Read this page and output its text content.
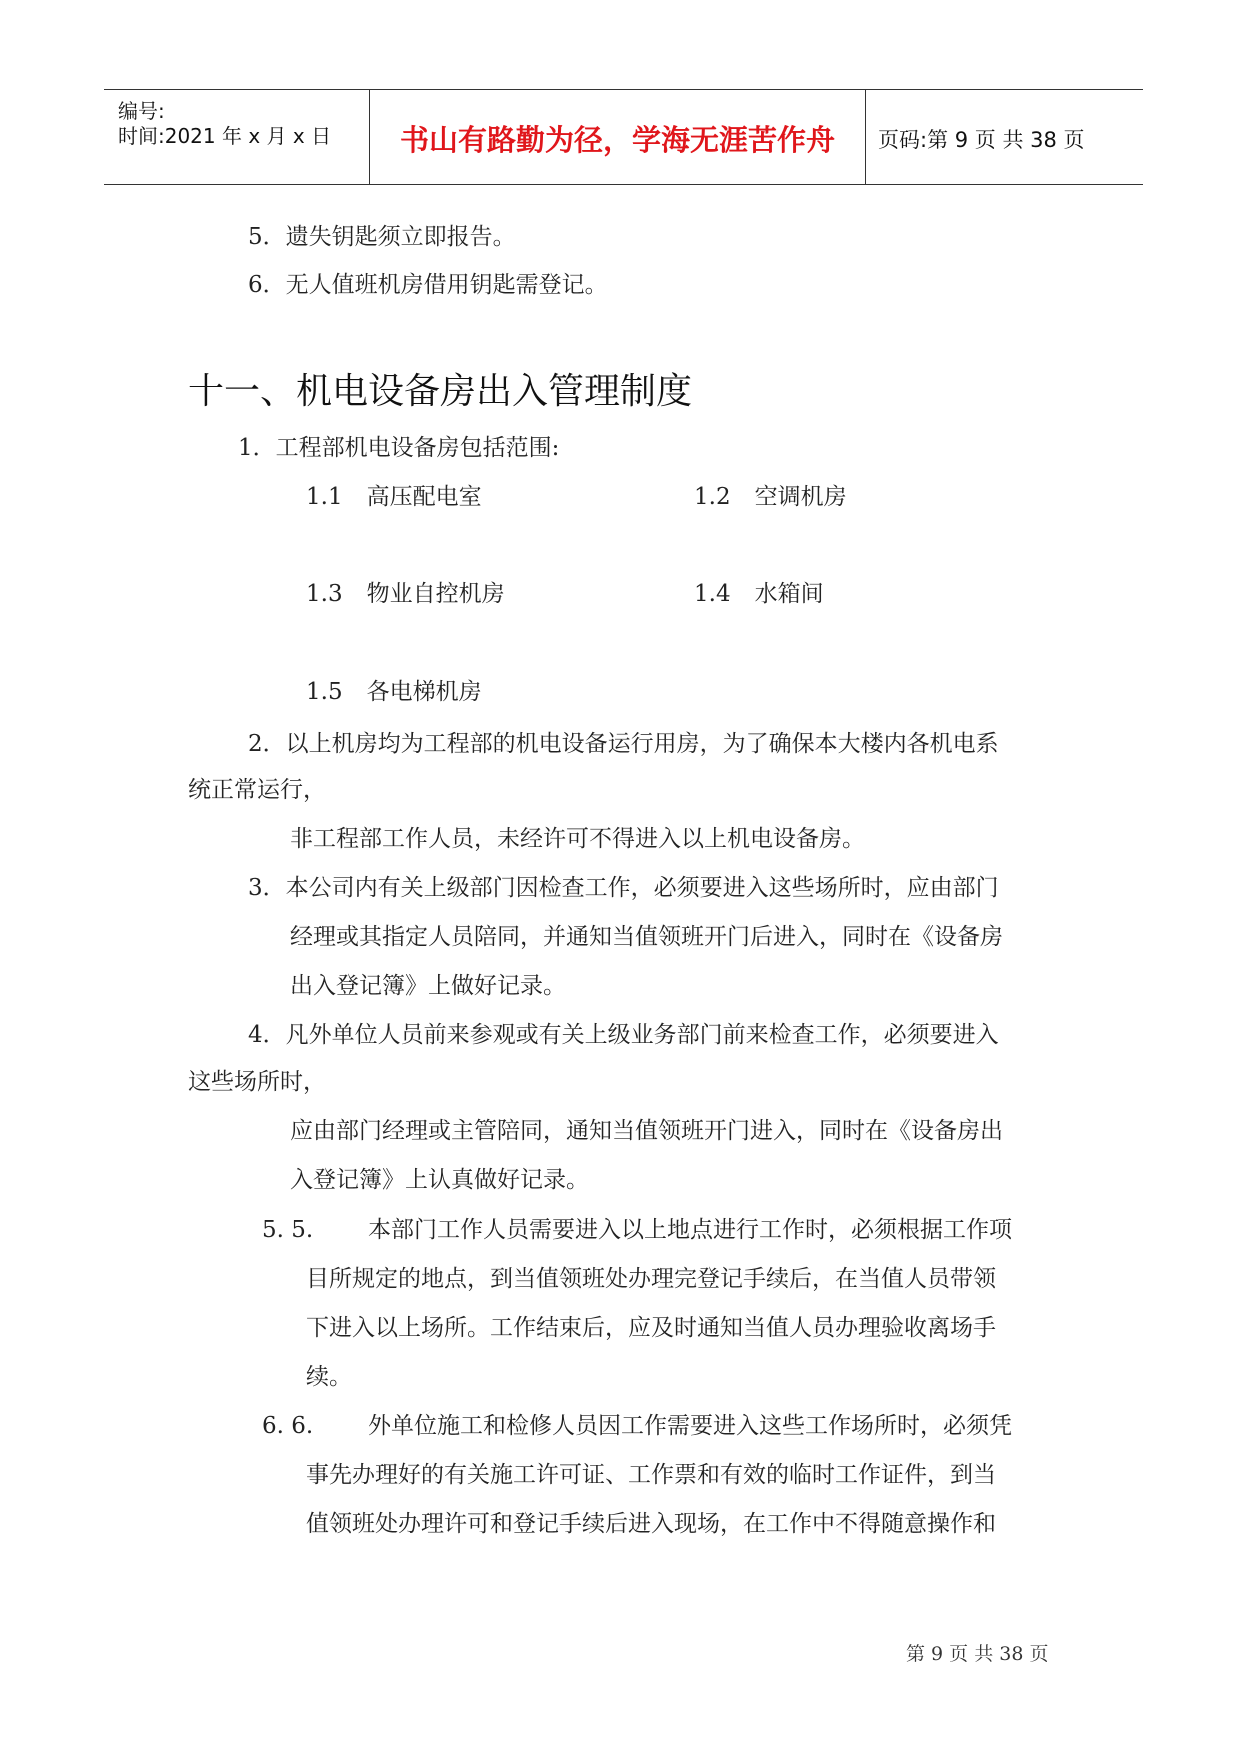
编号:
时间:2021 年 x 月 x 日	书山有路勤为径，学海无涯苦作舟	页码:第 9 页 共 38 页
5．遗失钥匙须立即报告。
6．无人值班机房借用钥匙需登记。
十一、机电设备房出入管理制度
1．工程部机电设备房包括范围:
1.1 高压配电室	1.2 空调机房
1.3 物业自控机房	1.4 水箱间
1.5 各电梯机房
2．以上机房均为工程部的机电设备运行用房，为了确保本大楼内各机电系
统正常运行，
非工程部工作人员，未经许可不得进入以上机电设备房。
3．本公司内有关上级部门因检查工作，必须要进入这些场所时，应由部门
经理或其指定人员陪同，并通知当值领班开门后进入，同时在《设备房
出入登记簿》上做好记录。
4．凡外单位人员前来参观或有关上级业务部门前来检查工作，必须要进入
这些场所时，
应由部门经理或主管陪同，通知当值领班开门进入，同时在《设备房出
入登记簿》上认真做好记录。
5. 5. 本部门工作人员需要进入以上地点进行工作时，必须根据工作项
目所规定的地点，到当值领班处办理完登记手续后，在当值人员带领
下进入以上场所。工作结束后，应及时通知当值人员办理验收离场手
续。
6. 6. 外单位施工和检修人员因工作需要进入这些工作场所时，必须凭
事先办理好的有关施工许可证、工作票和有效的临时工作证件，到当
值领班处办理许可和登记手续后进入现场，在工作中不得随意操作和
第 9 页 共 38 页
